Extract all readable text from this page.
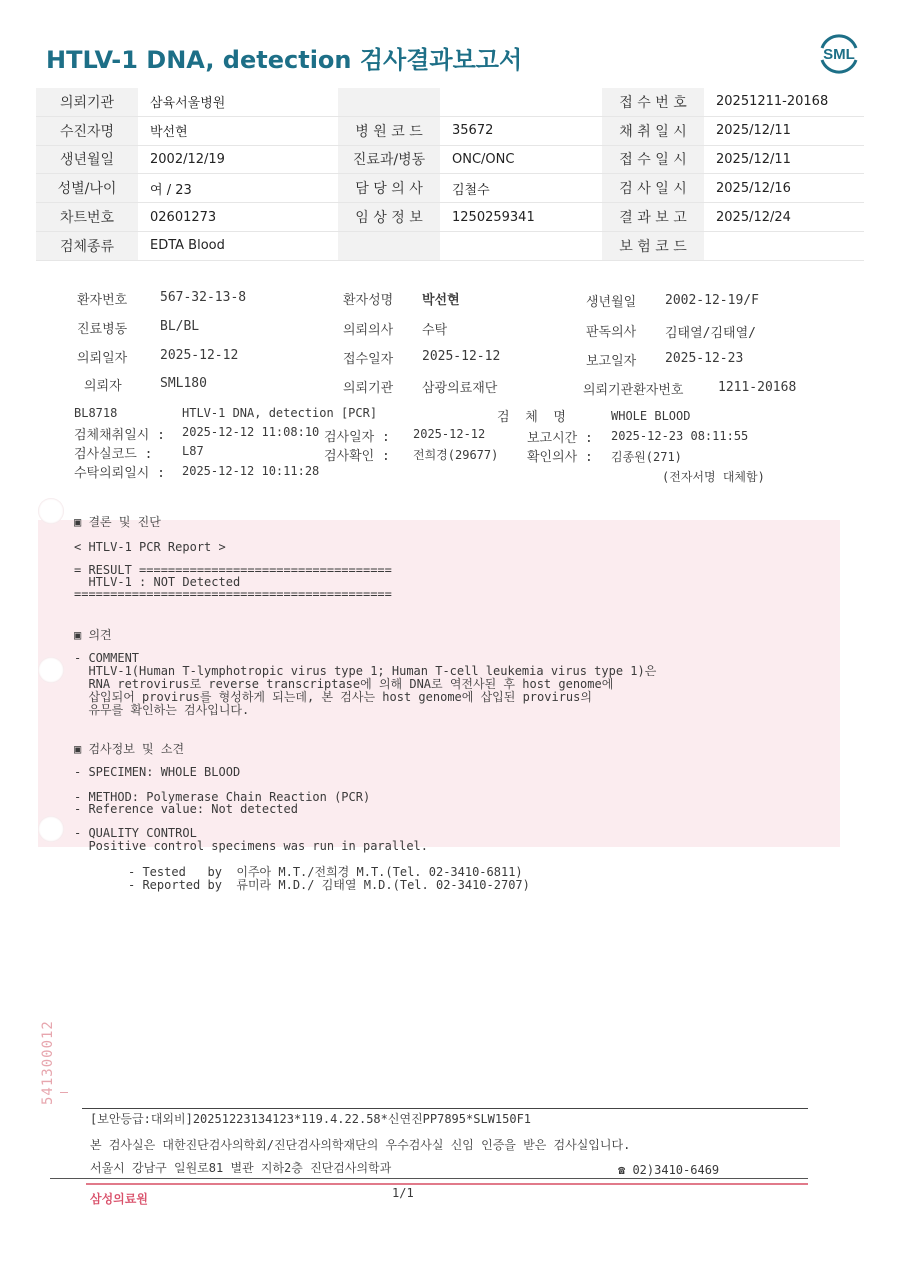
HTLV-1 DNA, detection 검사결과보고서	SML
의뢰기관	삼육서울병원			접 수 번 호	20251211-20168
수진자명	박선현	병 원 코 드	35672	채 취 일 시	2025/12/11
생년월일	2002/12/19	진료과/병동	ONC/ONC	접 수 일 시	2025/12/11
성별/나이	여 / 23	담 당 의 사	김철수	검 사 일 시	2025/12/16
차트번호	02601273	임 상 정 보	1250259341	결 과 보 고	2025/12/24
검체종류	EDTA Blood			보 험 코 드	
환자번호	567-32-13-8	환자성명 박선현	생년월일 2002-12-19/F
진료병동	BL/BL	의뢰의사 수탁	판독의사 김태열/김태열/
의뢰일자	2025-12-12	접수일자 2025-12-12	보고일자 2025-12-23
의뢰자	SML180	의뢰기관 삼광의료재단	의뢰기관환자번호	1211-20168
BL8718	HTLV-1 DNA, detection [PCR]	검  체  명	WHOLE BLOOD
검체채취일시 : 2025-12-12 11:08:10 검사일자 : 2025-12-12	보고시간 : 2025-12-23 08:11:55
검사실코드 : L87	검사확인 : 전희경(29677) 확인의사 : 김종원(271)
수탁의뢰일시 : 2025-12-12 10:11:28	(전자서명 대체함)
▣ 결론 및 진단
< HTLV-1 PCR Report >
= RESULT ===================================
HTLV-1 : NOT Detected
============================================
▣ 의견
- COMMENT
HTLV-1(Human T-lymphotropic virus type 1; Human T-cell leukemia virus type 1)은
RNA retrovirus로 reverse transcriptase에 의해 DNA로 역전사된 후 host genome에
삽입되어 provirus를 형성하게 되는데, 본 검사는 host genome에 삽입된 provirus의
유무를 확인하는 검사입니다.
▣ 검사정보 및 소견
- SPECIMEN: WHOLE BLOOD
- METHOD: Polymerase Chain Reaction (PCR)
- Reference value: Not detected
- QUALITY CONTROL
Positive control specimens was run in parallel.
- Tested   by  이주아 M.T./전희경 M.T.(Tel. 02-3410-6811)
- Reported by  류미라 M.D./ 김태열 M.D.(Tel. 02-3410-2707)
541300012
[보안등급:대외비]20251223134123*119.4.22.58*신연진PP7895*SLW150F1
본 검사실은 대한진단검사의학회/진단검사의학재단의 우수검사실 신임 인증을 받은 검사실입니다.
서울시 강남구 일원로81 별관 지하2층 진단검사의학과	☎ 02)3410-6469
1/1
삼성의료원
